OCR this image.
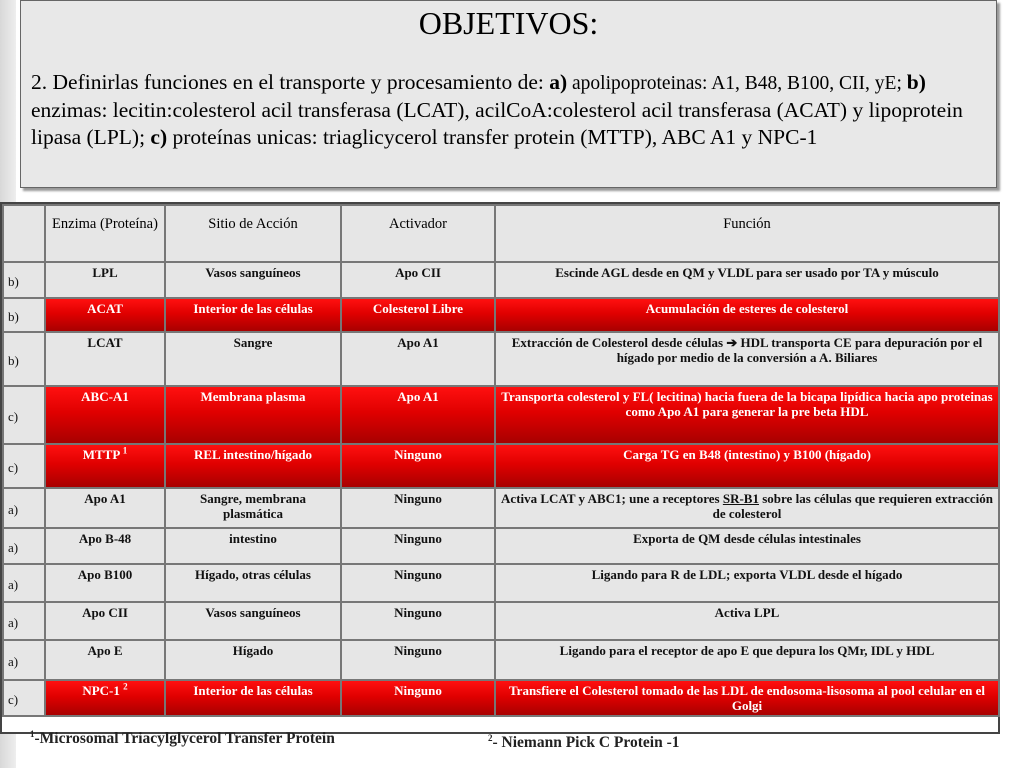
OBJETIVOS:

2. Definirlas funciones en el transporte y procesamiento de: a) apolipoproteinas: A1, B48, B100, CII, yE; b) enzimas: lecitin:colesterol acil transferasa (LCAT), acilCoA:colesterol acil transferasa (ACAT) y lipoprotein lipasa (LPL); c) proteínas unicas: triaglicycerol transfer protein (MTTP), ABC A1 y NPC-1

	Enzima (Proteína)	Sitio de Acción	Activador	Función
b)	LPL	Vasos sanguíneos	Apo CII	Escinde AGL desde en QM y VLDL para ser usado por TA y músculo
b)	ACAT	Interior de las células	Colesterol Libre	Acumulación de esteres de colesterol
b)	LCAT	Sangre	Apo A1	Extracción de Colesterol desde células ➔ HDL transporta CE para depuración por el hígado por medio de la conversión a A. Biliares
c)	ABC-A1	Membrana plasma	Apo A1	Transporta colesterol y FL( lecitina) hacia fuera de la bicapa lipídica hacia apo proteinas como Apo A1 para generar la pre beta HDL
c)	MTTP $^1$	REL intestino/hígado	Ninguno	Carga TG en B48 (intestino) y B100 (hígado)
a)	Apo A1	Sangre, membrana plasmática	Ninguno	Activa LCAT y ABC1; une a receptores SR-B1 sobre las células que requieren extracción de colesterol
a)	Apo B-48	intestino	Ninguno	Exporta de QM desde células intestinales
a)	Apo B100	Hígado, otras células	Ninguno	Ligando para R de LDL; exporta VLDL desde el hígado
a)	Apo CII	Vasos sanguíneos	Ninguno	Activa LPL
a)	Apo E	Hígado	Ninguno	Ligando para el receptor de apo E que depura los QMr, IDL y HDL
c)	NPC-1 $^2$	Interior de las células	Ninguno	Transfiere el Colesterol tomado de las LDL de endosoma-lisosoma al pool celular en el Golgi
$^1$-Microsomal Triacylglycerol Transfer Protein	$^2$- Niemann Pick C Protein -1
